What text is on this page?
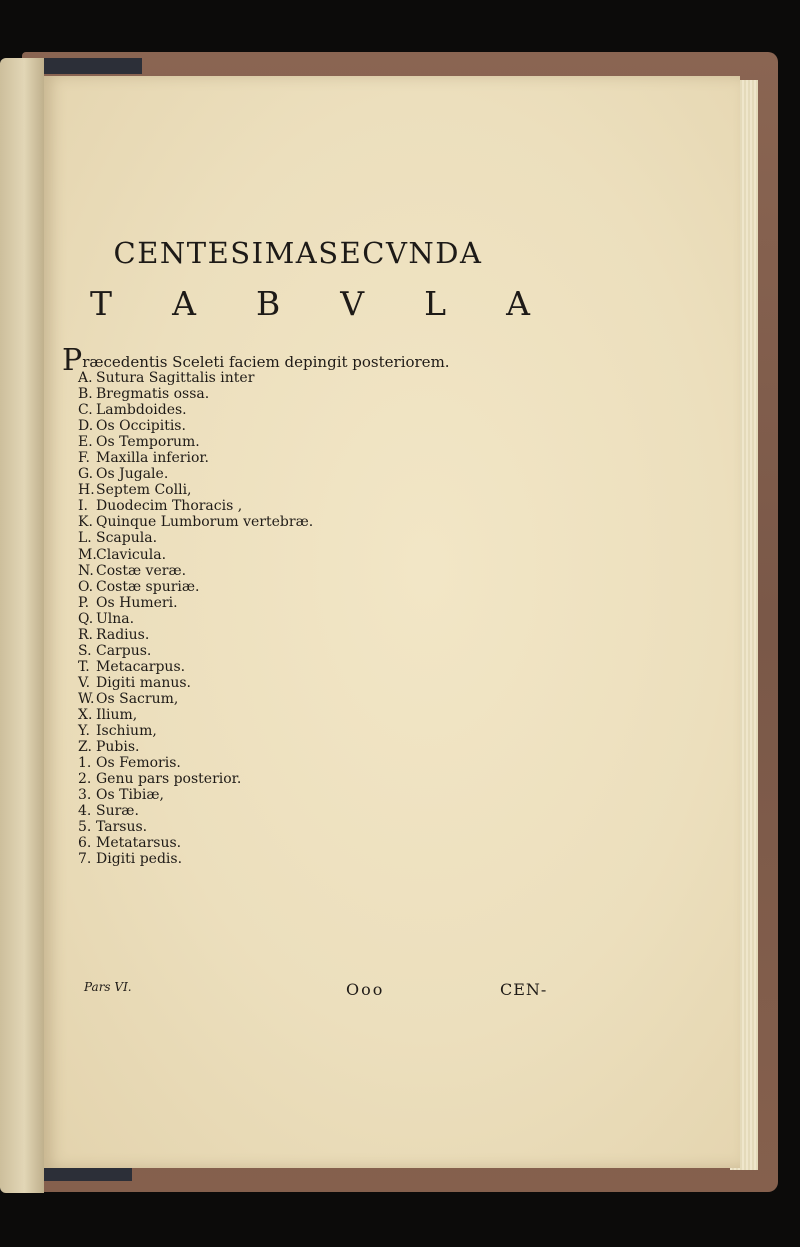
CENTESIMASECVNDA
T A B V L A

Præcedentis Sceleti faciem depingit posteriorem.

A. Sutura Sagittalis inter
B. Bregmatis ossa.
C. Lambdoides.
D. Os Occipitis.
E. Os Temporum.
F. Maxilla inferior.
G. Os Jugale.
H.Septem Colli,
I. Duodecim Thoracis ,
K. Quinque Lumborum vertebræ.
L. Scapula.
M.Clavicula.
N. Costæ veræ.
O. Costæ spuriæ.
P. Os Humeri.
Q. Ulna.
R. Radius.
S. Carpus.
T. Metacarpus.
V. Digiti manus.
W. Os Sacrum,
X. Ilium,
Y. Ischium,
Z. Pubis.
1. Os Femoris.
2. Genu pars posterior.
3. Os Tibiæ,
4. Suræ.
5. Tarsus.
6. Metatarsus.
7. Digiti pedis.
Pars VI.	Ooo	CEN-
